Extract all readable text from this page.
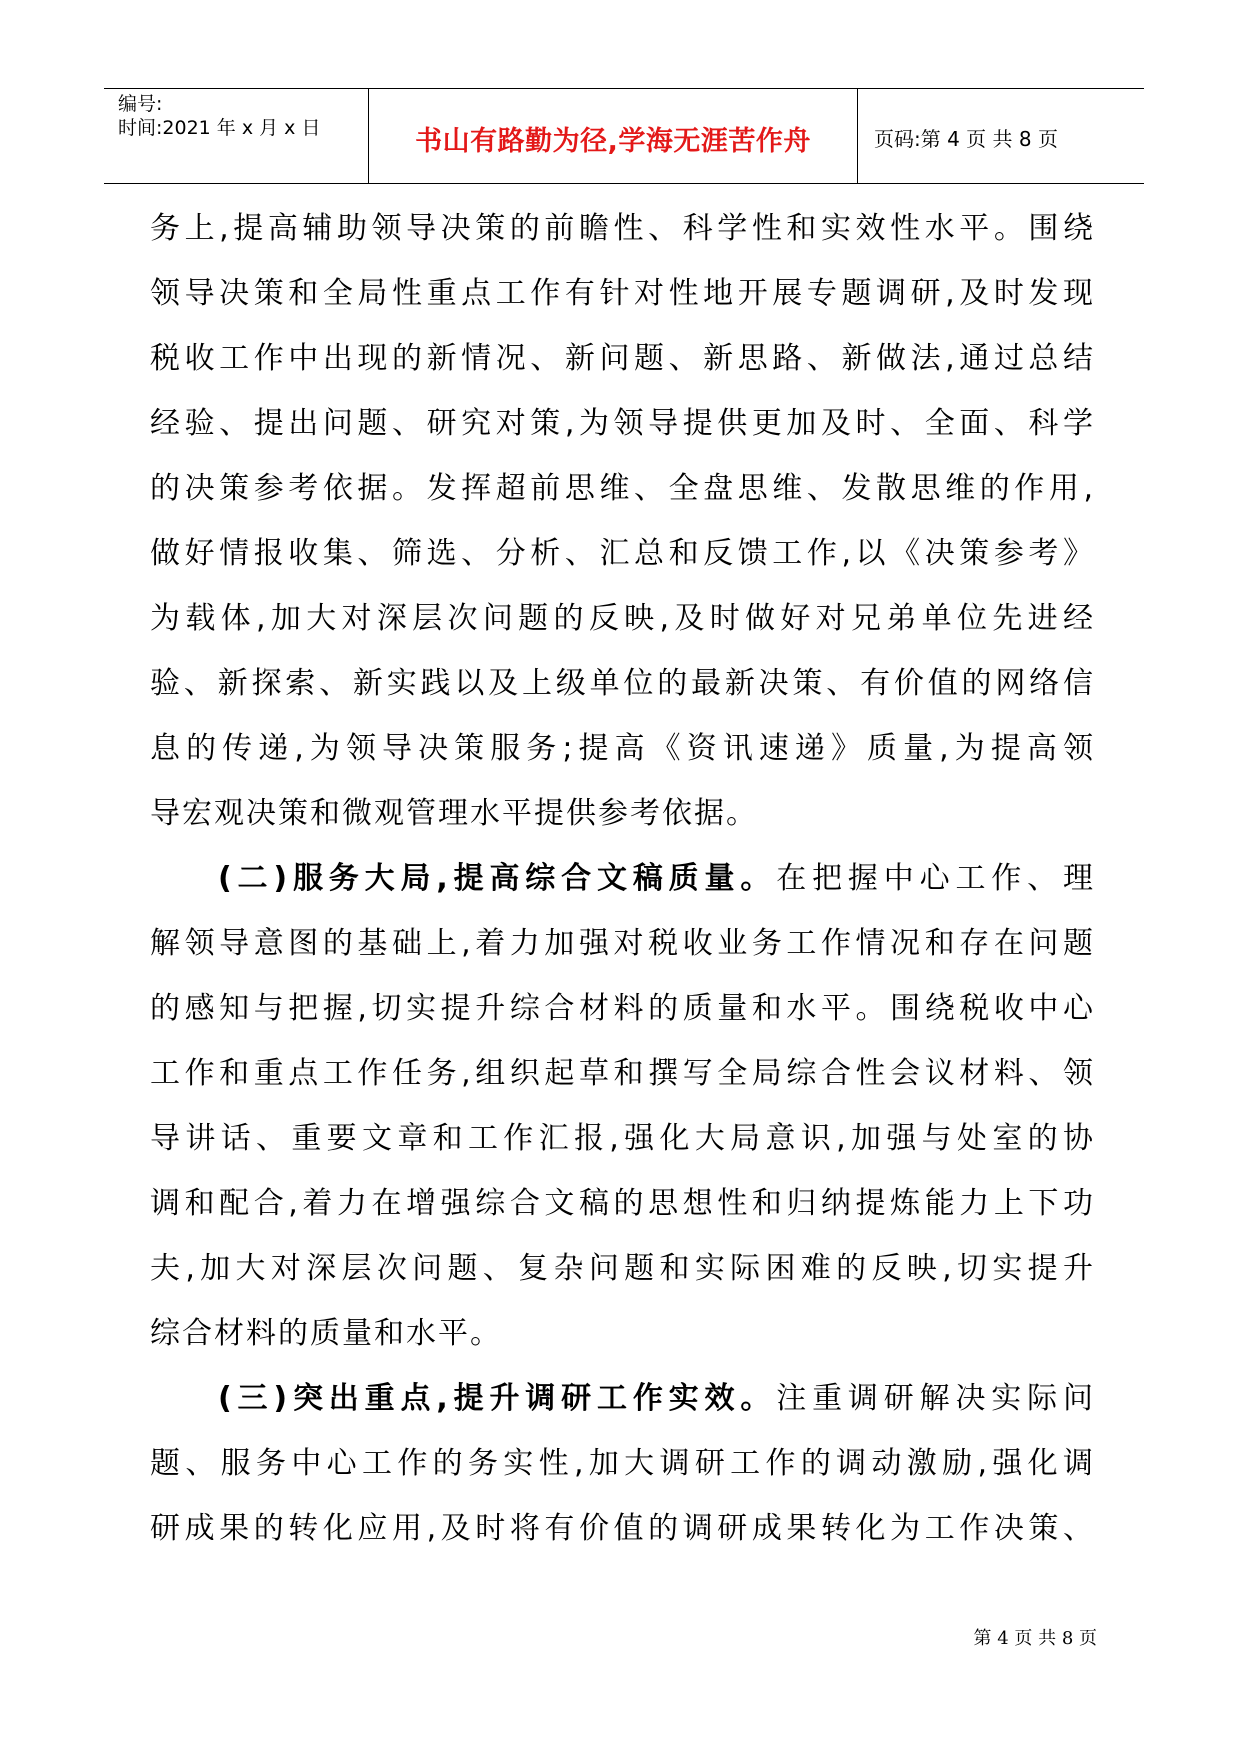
编号:
时间:2021 年 x 月 x 日	书山有路勤为径,学海无涯苦作舟	页码:第 4 页 共 8 页
务上,提高辅助领导决策的前瞻性、科学性和实效性水平。围绕
领导决策和全局性重点工作有针对性地开展专题调研,及时发现
税收工作中出现的新情况、新问题、新思路、新做法,通过总结
经验、提出问题、研究对策,为领导提供更加及时、全面、科学
的决策参考依据。发挥超前思维、全盘思维、发散思维的作用,
做好情报收集、筛选、分析、汇总和反馈工作,以《决策参考》
为载体,加大对深层次问题的反映,及时做好对兄弟单位先进经
验、新探索、新实践以及上级单位的最新决策、有价值的网络信
息的传递,为领导决策服务;提高《资讯速递》质量,为提高领
导宏观决策和微观管理水平提供参考依据。
(二)服务大局,提高综合文稿质量。在把握中心工作、理
解领导意图的基础上,着力加强对税收业务工作情况和存在问题
的感知与把握,切实提升综合材料的质量和水平。围绕税收中心
工作和重点工作任务,组织起草和撰写全局综合性会议材料、领
导讲话、重要文章和工作汇报,强化大局意识,加强与处室的协
调和配合,着力在增强综合文稿的思想性和归纳提炼能力上下功
夫,加大对深层次问题、复杂问题和实际困难的反映,切实提升
综合材料的质量和水平。
(三)突出重点,提升调研工作实效。注重调研解决实际问
题、服务中心工作的务实性,加大调研工作的调动激励,强化调
研成果的转化应用,及时将有价值的调研成果转化为工作决策、
第 4 页 共 8 页
